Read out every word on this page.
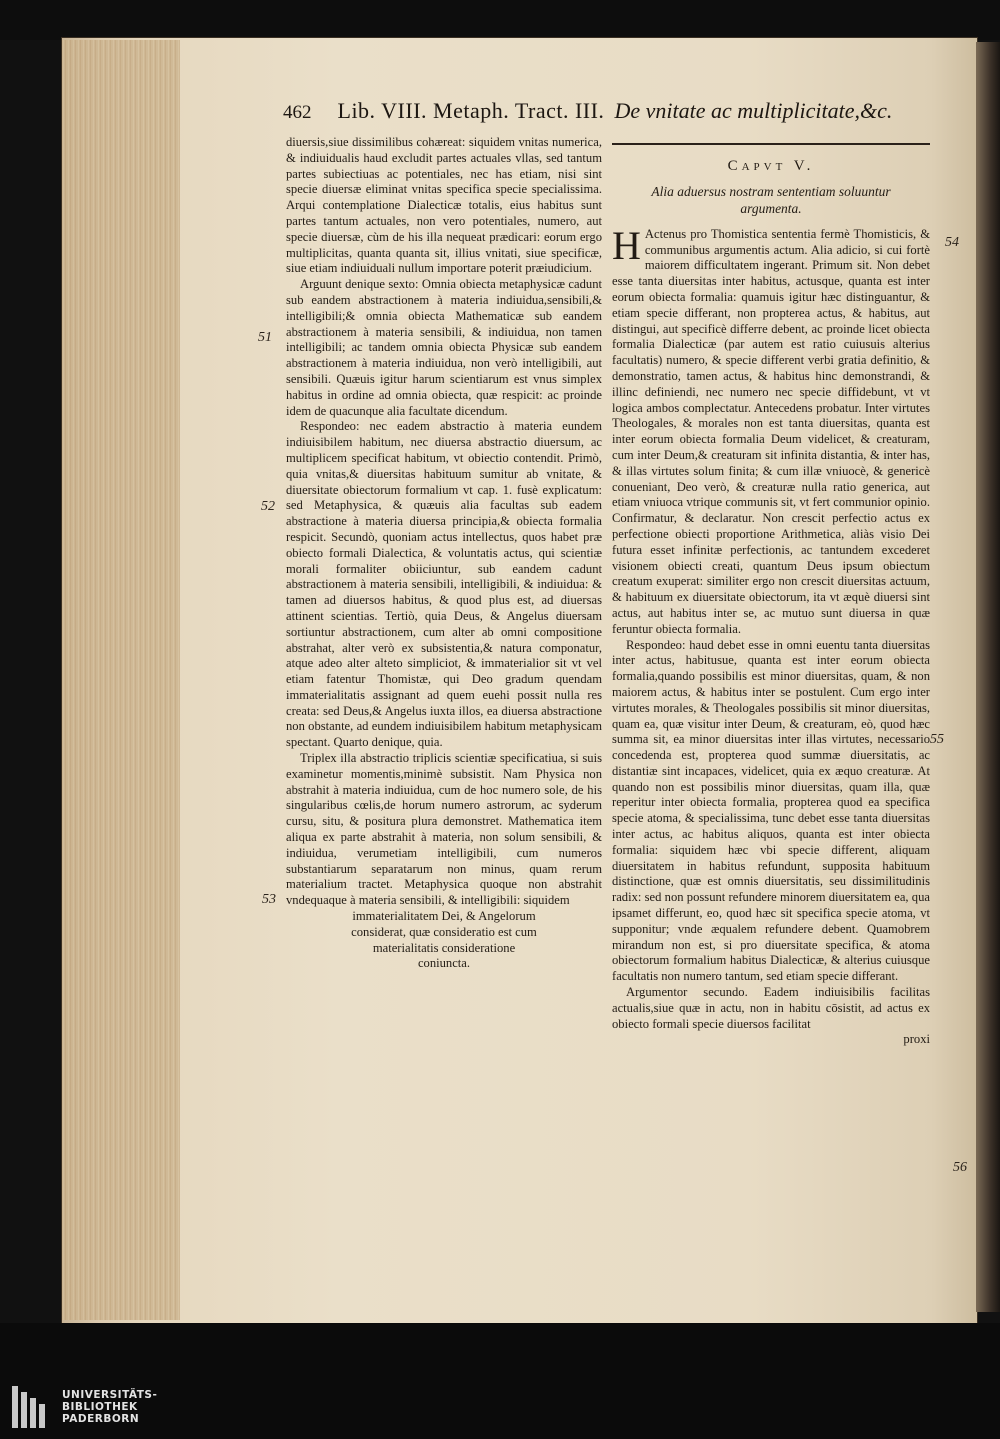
462 Lib. VIII. Metaph. Tract. III. De vnitate ac multiplicitate,&c.

diuersis,siue dissimilibus cohæreat: siquidem vnitas numerica, & indiuidualis haud excludit partes actuales vllas, sed tantum partes subiectiuas ac potentiales, nec has etiam, nisi sint specie diuersæ eliminat vnitas specifica specie specialissima. Arqui contemplatione Dialecticæ totalis, eius habitus sunt partes tantum actuales, non vero potentiales, numero, aut specie diuersæ, cùm de his illa nequeat prædicari: eorum ergo multiplicitas, quanta quanta sit, illius vnitati, siue specificæ, siue etiam indiuiduali nullum importare poterit præiudicium.

Arguunt denique sexto: Omnia obiecta metaphysicæ cadunt sub eandem abstractionem à materia indiuidua,sensibili,& intelligibili;& omnia obiecta Mathematicæ sub eandem abstractionem à materia sensibili, & indiuidua, non tamen intelligibili; ac tandem omnia obiecta Physicæ sub eandem abstractionem à materia indiuidua, non verò intelligibili, aut sensibili. Quæuis igitur harum scientiarum est vnus simplex habitus in ordine ad omnia obiecta, quæ respicit: ac proinde idem de quacunque alia facultate dicendum.

Respondeo: nec eadem abstractio à materia eundem indiuisibilem habitum, nec diuersa abstractio diuersum, ac multiplicem specificat habitum, vt obiectio contendit. Primò, quia vnitas,& diuersitas habituum sumitur ab vnitate, & diuersitate obiectorum formalium vt cap. 1. fusè explicatum: sed Metaphysica, & quæuis alia facultas sub eadem abstractione à materia diuersa principia,& obiecta formalia respicit. Secundò, quoniam actus intellectus, quos habet præ obiecto formali Dialectica, & voluntatis actus, qui scientiæ morali formaliter obiiciuntur, sub eandem cadunt abstractionem à materia sensibili, intelligibili, & indiuidua: & tamen ad diuersos habitus, & quod plus est, ad diuersas attinent scientias. Tertiò, quia Deus, & Angelus diuersam sortiuntur abstractionem, cum alter ab omni compositione abstrahat, alter verò ex subsistentia,& natura componatur, atque adeo alter alteto simpliciot, & immaterialior sit vt vel etiam fatentur Thomistæ, qui Deo gradum quendam immaterialitatis assignant ad quem euehi possit nulla res creata: sed Deus,& Angelus iuxta illos, ea diuersa abstractione non obstante, ad eundem indiuisibilem habitum metaphysicam spectant. Quarto denique, quia.

Triplex illa abstractio triplicis scientiæ specificatiua, si suis examinetur momentis,minimè subsistit. Nam Physica non abstrahit à materia indiuidua, cum de hoc numero sole, de his singularibus cœlis,de horum numero astrorum, ac syderum cursu, situ, & positura plura demonstret. Mathematica item aliqua ex parte abstrahit à materia, non solum sensibili, & indiuidua, verumetiam intelligibili, cum numeros substantiarum separatarum non minus, quam rerum materialium tractet. Metaphysica quoque non abstrahit vndequaque à materia sensibili, & intelligibili: siquidem

immaterialitatem Dei, & Angelorum
considerat, quæ consideratio est cum
materialitatis consideratione
coniuncta.
Capvt V.
Alia aduersus nostram sententiam soluuntur
argumenta.

H Actenus pro Thomistica sententia fermè Thomisticis, & communibus argumentis actum. Alia adicio, si cui fortè maiorem difficultatem ingerant. Primum sit. Non debet esse tanta diuersitas inter habitus, actusque, quanta est inter eorum obiecta formalia: quamuis igitur hæc distinguantur, & etiam specie differant, non propterea actus, & habitus, aut distingui, aut specificè differre debent, ac proinde licet obiecta formalia Dialecticæ (par autem est ratio cuiusuis alterius facultatis) numero, & specie different verbi gratia definitio, & demonstratio, tamen actus, & habitus hinc demonstrandi, & illinc definiendi, nec numero nec specie diffidebunt, vt vt logica ambos complectatur. Antecedens probatur. Inter virtutes Theologales, & morales non est tanta diuersitas, quanta est inter eorum obiecta formalia Deum videlicet, & creaturam, cum inter Deum,& creaturam sit infinita distantia, & inter has, & illas virtutes solum finita; & cum illæ vniuocè, & genericè conueniant, Deo verò, & creaturæ nulla ratio generica, aut etiam vniuoca vtrique communis sit, vt fert communior opinio. Confirmatur, & declaratur. Non crescit perfectio actus ex perfectione obiecti proportione Arithmetica, aliàs visio Dei futura esset infinitæ perfectionis, ac tantundem excederet visionem obiecti creati, quantum Deus ipsum obiectum creatum exuperat: similiter ergo non crescit diuersitas actuum, & habituum ex diuersitate obiectorum, ita vt æquè diuersi sint actus, aut habitus inter se, ac mutuo sunt diuersa in quæ feruntur obiecta formalia.

Respondeo: haud debet esse in omni euentu tanta diuersitas inter actus, habitusue, quanta est inter eorum obiecta formalia,quando possibilis est minor diuersitas, quam, & non maiorem actus, & habitus inter se postulent. Cum ergo inter virtutes morales, & Theologales possibilis sit minor diuersitas, quam ea, quæ visitur inter Deum, & creaturam, eò, quod hæc summa sit, ea minor diuersitas inter illas virtutes, necessario concedenda est, propterea quod summæ diuersitatis, ac distantiæ sint incapaces, videlicet, quia ex æquo creaturæ. At quando non est possibilis minor diuersitas, quam illa, quæ reperitur inter obiecta formalia, propterea quod ea specifica specie atoma, & specialissima, tunc debet esse tanta diuersitas inter actus, ac habitus aliquos, quanta est inter obiecta formalia: siquidem hæc vbi specie different, aliquam diuersitatem in habitus refundunt, supposita habituum distinctione, quæ est omnis diuersitatis, seu dissimilitudinis radix: sed non possunt refundere minorem diuersitatem ea, qua ipsamet differunt, eo, quod hæc sit specifica specie atoma, vt supponitur; vnde æqualem refundere debent. Quamobrem mirandum non est, si pro diuersitate specifica, & atoma obiectorum formalium habitus Dialecticæ, & alterius cuiusque facultatis non numero tantum, sed etiam specie differant.

Argumentor secundo. Eadem indiuisibilis facilitas actualis,siue quæ in actu, non in habitu cōsistit, ad actus ex obiecto formali specie diuersos facilitat

proxi
51
52
53
54
55
56
UNIVERSITÄTS-
BIBLIOTHEK
PADERBORN
